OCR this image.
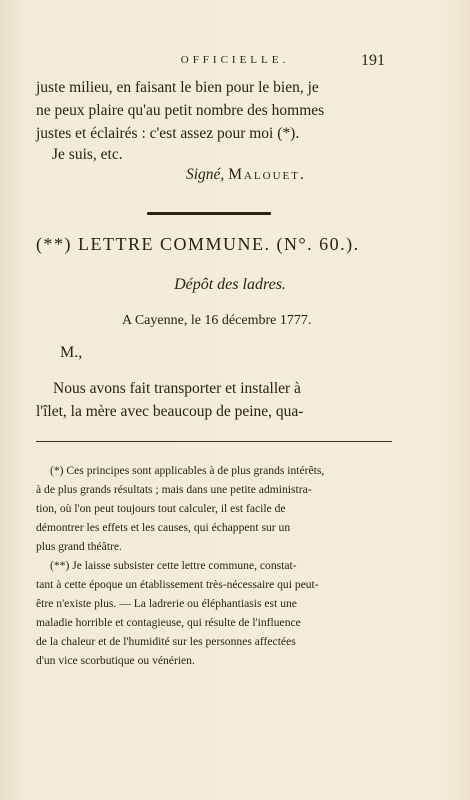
OFFICIELLE.	191
juste milieu, en faisant le bien pour le bien, je
ne peux plaire qu'au petit nombre des hommes
justes et éclairés : c'est assez pour moi (*).
Je suis, etc.
Signé, Malouet.
(**) LETTRE COMMUNE. (N°. 60.).
Dépôt des ladres.
A Cayenne, le 16 décembre 1777.
M.,
Nous avons fait transporter et installer à
l'îlet, la mère avec beaucoup de peine, qua-
(*) Ces principes sont applicables à de plus grands intérêts,
à de plus grands résultats ; mais dans une petite administra-
tion, où l'on peut toujours tout calculer, il est facile de
démontrer les effets et les causes, qui échappent sur un
plus grand théâtre.
(**) Je laisse subsister cette lettre commune, constat-
tant à cette époque un établissement très-nécessaire qui peut-
être n'existe plus. — La ladrerie ou éléphantiasis est une
maladie horrible et contagieuse, qui résulte de l'influence
de la chaleur et de l'humidité sur les personnes affectées
d'un vice scorbutique ou vénérien.
